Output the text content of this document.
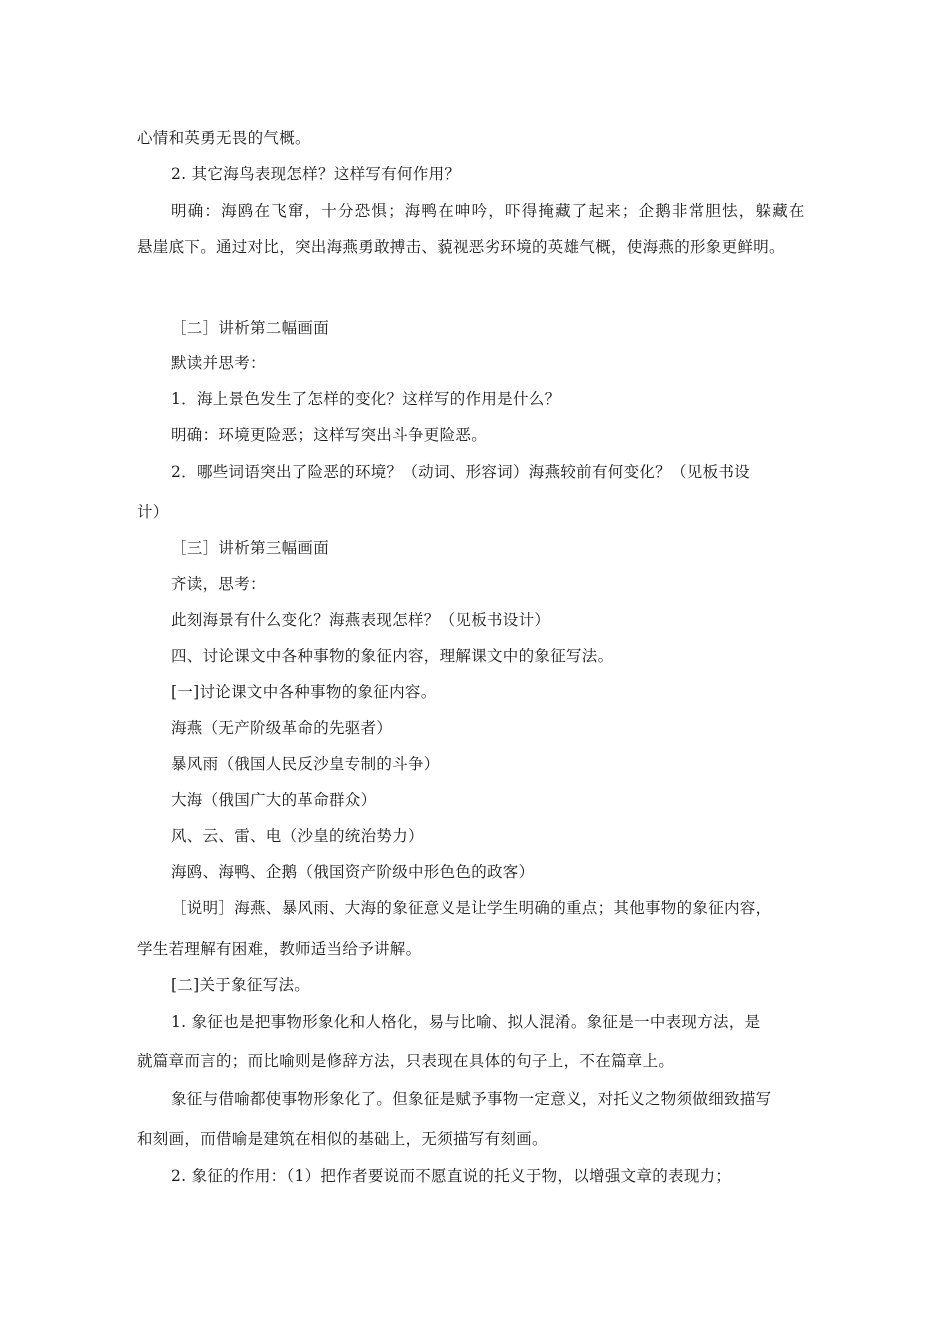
心情和英勇无畏的气概。
2. 其它海鸟表现怎样？这样写有何作用？
明确：海鸥在飞窜，十分恐惧；海鸭在呻吟，吓得掩藏了起来；企鹅非常胆怯，躲藏在
悬崖底下。通过对比，突出海燕勇敢搏击、藐视恶劣环境的英雄气概，使海燕的形象更鲜明。
［二］讲析第二幅画面
默读并思考：
1．海上景色发生了怎样的变化？这样写的作用是什么？
明确：环境更险恶；这样写突出斗争更险恶。
2．哪些词语突出了险恶的环境？（动词、形容词）海燕较前有何变化？（见板书设
计）
［三］讲析第三幅画面
齐读，思考：
此刻海景有什么变化？海燕表现怎样？（见板书设计）
四、讨论课文中各种事物的象征内容，理解课文中的象征写法。
[一]讨论课文中各种事物的象征内容。
海燕（无产阶级革命的先驱者）
暴风雨（俄国人民反沙皇专制的斗争）
大海（俄国广大的革命群众）
风、云、雷、电（沙皇的统治势力）
海鸥、海鸭、企鹅（俄国资产阶级中形色色的政客）
［说明］海燕、暴风雨、大海的象征意义是让学生明确的重点；其他事物的象征内容，
学生若理解有困难，教师适当给予讲解。
[二]关于象征写法。
1. 象征也是把事物形象化和人格化，易与比喻、拟人混淆。象征是一中表现方法，是
就篇章而言的；而比喻则是修辞方法，只表现在具体的句子上，不在篇章上。
象征与借喻都使事物形象化了。但象征是赋予事物一定意义，对托义之物须做细致描写
和刻画，而借喻是建筑在相似的基础上，无须描写有刻画。
2. 象征的作用：（1）把作者要说而不愿直说的托义于物，以增强文章的表现力；
